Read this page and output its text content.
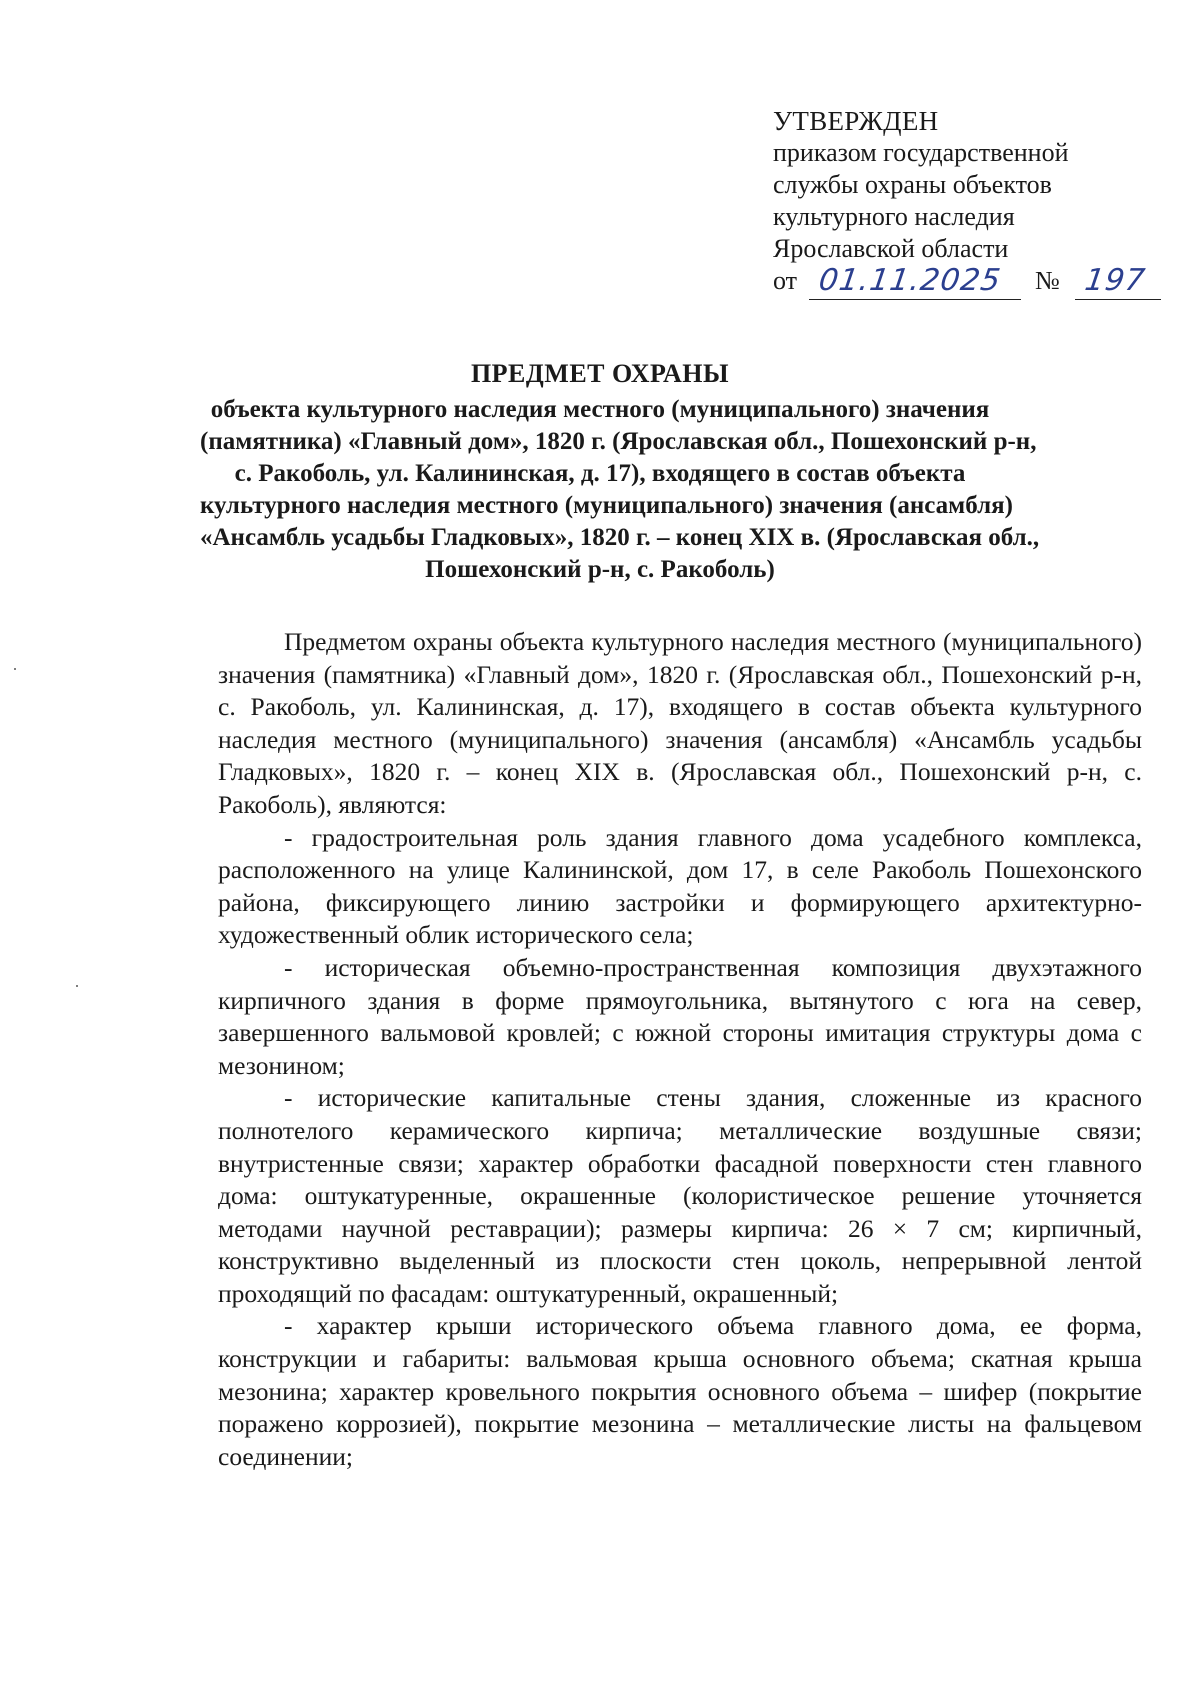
УТВЕРЖДЕН
приказом государственной
службы охраны объектов
культурного наследия
Ярославской области
от 01.11.2025 № 197
ПРЕДМЕТ ОХРАНЫ
объекта культурного наследия местного (муниципального) значения
(памятника) «Главный дом», 1820 г. (Ярославская обл., Пошехонский р-н,
с. Ракоболь, ул. Калининская, д. 17), входящего в состав объекта
культурного наследия местного (муниципального) значения (ансамбля)
«Ансамбль усадьбы Гладковых», 1820 г. – конец XIX в. (Ярославская обл.,
Пошехонский р-н, с. Ракоболь)

Предметом охраны объекта культурного наследия местного (муниципального) значения (памятника) «Главный дом», 1820 г. (Ярославская обл., Пошехонский р-н, с. Ракоболь, ул. Калининская, д. 17), входящего в состав объекта культурного наследия местного (муниципального) значения (ансамбля) «Ансамбль усадьбы Гладковых», 1820 г. – конец XIX в. (Ярославская обл., Пошехонский р-н, с. Ракоболь), являются:

- градостроительная роль здания главного дома усадебного комплекса, расположенного на улице Калининской, дом 17, в селе Ракоболь Пошехонского района, фиксирующего линию застройки и формирующего архитектурно-художественный облик исторического села;

- историческая объемно-пространственная композиция двухэтажного кирпичного здания в форме прямоугольника, вытянутого с юга на север, завершенного вальмовой кровлей; с южной стороны имитация структуры дома с мезонином;

- исторические капитальные стены здания, сложенные из красного полнотелого керамического кирпича; металлические воздушные связи; внутристенные связи; характер обработки фасадной поверхности стен главного дома: оштукатуренные, окрашенные (колористическое решение уточняется методами научной реставрации); размеры кирпича: 26 × 7 см; кирпичный, конструктивно выделенный из плоскости стен цоколь, непрерывной лентой проходящий по фасадам: оштукатуренный, окрашенный;

- характер крыши исторического объема главного дома, ее форма, конструкции и габариты: вальмовая крыша основного объема; скатная крыша мезонина; характер кровельного покрытия основного объема – шифер (покрытие поражено коррозией), покрытие мезонина – металлические листы на фальцевом соединении;
